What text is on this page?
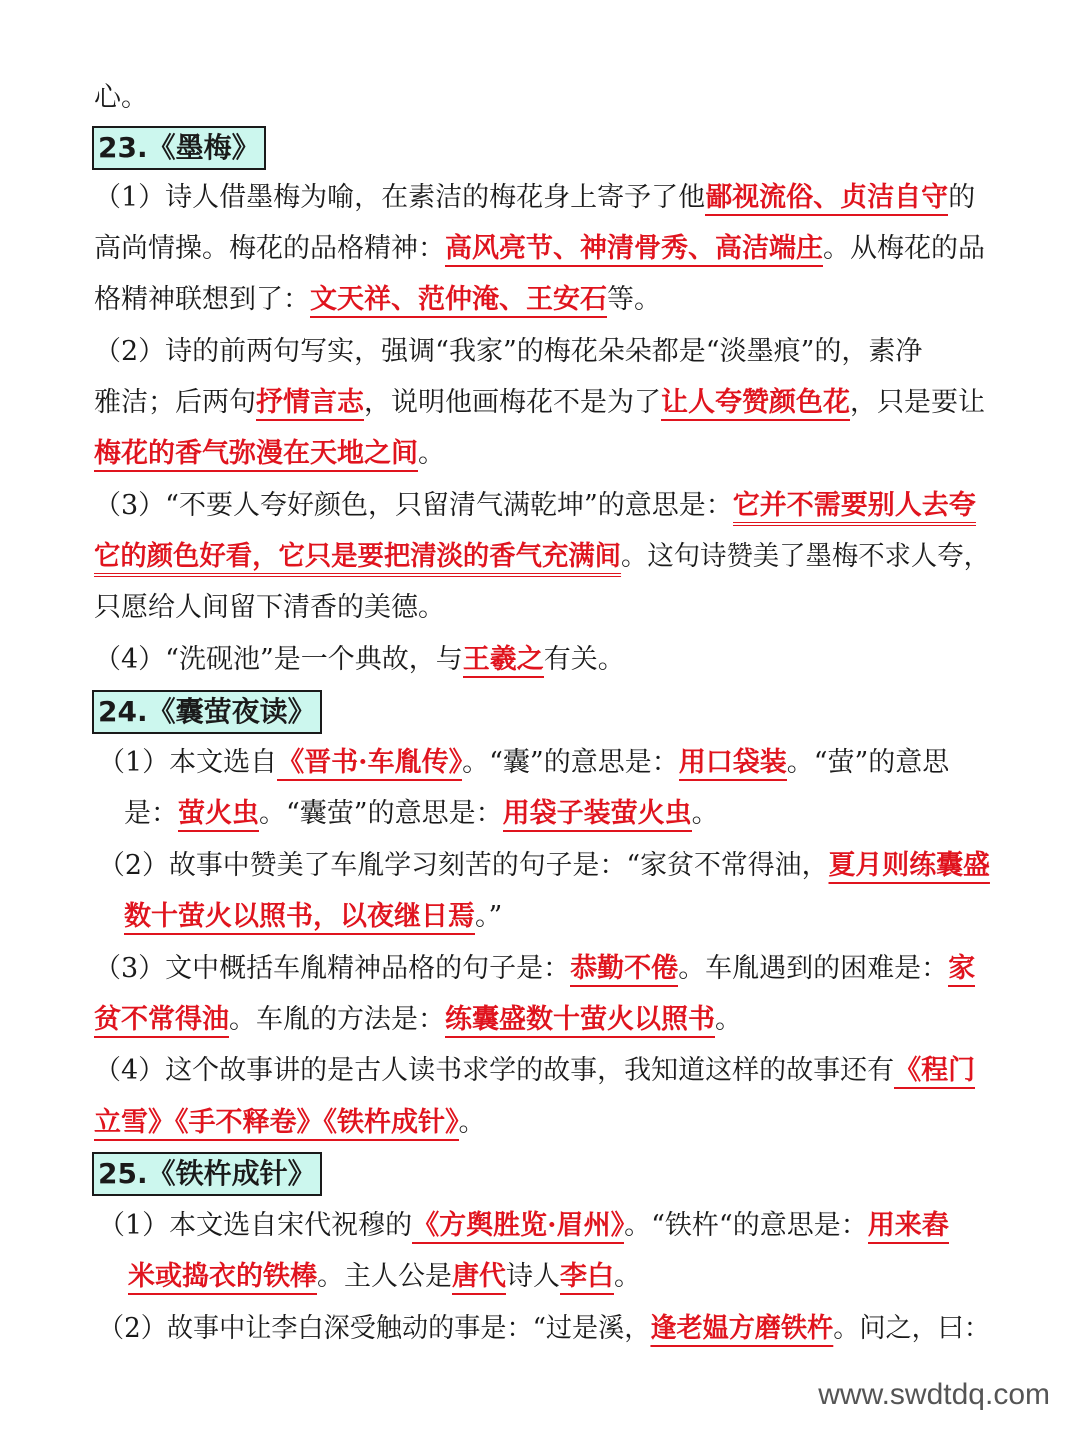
心。
23.《墨梅》
（1）诗人借墨梅为喻，在素洁的梅花身上寄予了他鄙视流俗、贞洁自守的
高尚情操。梅花的品格精神：高风亮节、神清骨秀、高洁端庄。从梅花的品
格精神联想到了：文天祥、范仲淹、王安石等。
（2）诗的前两句写实，强调“我家”的梅花朵朵都是“淡墨痕”的，素净
雅洁；后两句抒情言志，说明他画梅花不是为了让人夸赞颜色花，只是要让
梅花的香气弥漫在天地之间。
（3）“不要人夸好颜色，只留清气满乾坤”的意思是：它并不需要别人去夸
它的颜色好看，它只是要把清淡的香气充满间。这句诗赞美了墨梅不求人夸，
只愿给人间留下清香的美德。
（4）“洗砚池”是一个典故，与王羲之有关。
24.《囊萤夜读》
（1）本文选自《晋书·车胤传》。“囊”的意思是：用口袋装。“萤”的意思
是：萤火虫。“囊萤”的意思是：用袋子装萤火虫。
（2）故事中赞美了车胤学习刻苦的句子是：“家贫不常得油，夏月则练囊盛
数十萤火以照书，以夜继日焉。”
（3）文中概括车胤精神品格的句子是：恭勤不倦。车胤遇到的困难是：家
贫不常得油。车胤的方法是：练囊盛数十萤火以照书。
（4）这个故事讲的是古人读书求学的故事，我知道这样的故事还有《程门
立雪》《手不释卷》《铁杵成针》。
25.《铁杵成针》
（1）本文选自宋代祝穆的《方舆胜览·眉州》。“铁杵“的意思是：用来舂
米或捣衣的铁棒。主人公是唐代诗人李白。
（2）故事中让李白深受触动的事是：“过是溪，逢老媪方磨铁杵。问之，曰：
www.swdtdq.com
